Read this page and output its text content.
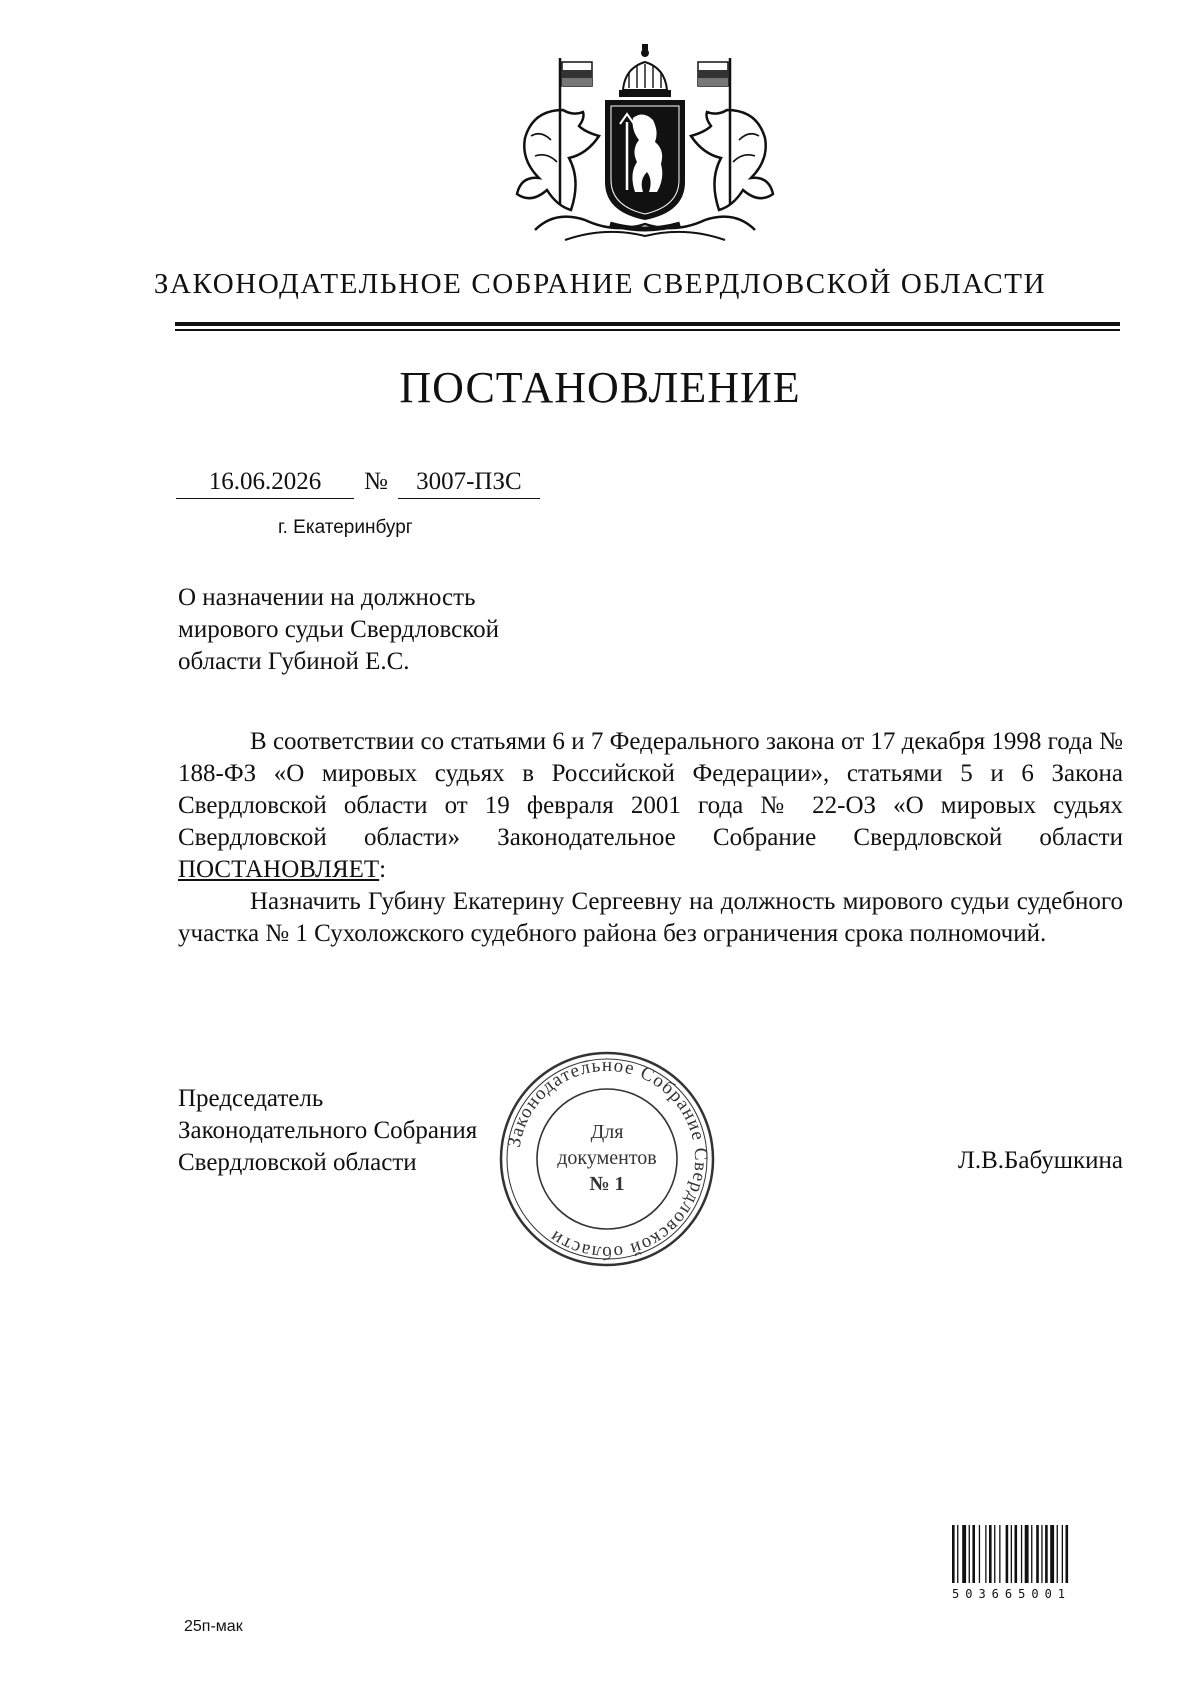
ЗАКОНОДАТЕЛЬНОЕ СОБРАНИЕ СВЕРДЛОВСКОЙ ОБЛАСТИ
ПОСТАНОВЛЕНИЕ
16.06.2026 № 3007-ПЗС
г. Екатеринбург
О назначении на должность
мирового судьи Свердловской
области Губиной Е.С.

В соответствии со статьями 6 и 7 Федерального закона от 17 декабря 1998 года № 188-ФЗ «О мировых судьях в Российской Федерации», статьями 5 и 6 Закона Свердловской области от 19 февраля 2001 года № 22-ОЗ «О мировых судьях Свердловской области» Законодательное Собрание Свердловской области ПОСТАНОВЛЯЕТ:

Назначить Губину Екатерину Сергеевну на должность мирового судьи судебного участка № 1 Сухоложского судебного района без ограничения срока полномочий.

Председатель
Законодательного Собрания
Свердловской области	Л.В.Бабушкина
Законодательное Собрание Свердловской области
Для
документов
№ 1
503665001
25п-мак
